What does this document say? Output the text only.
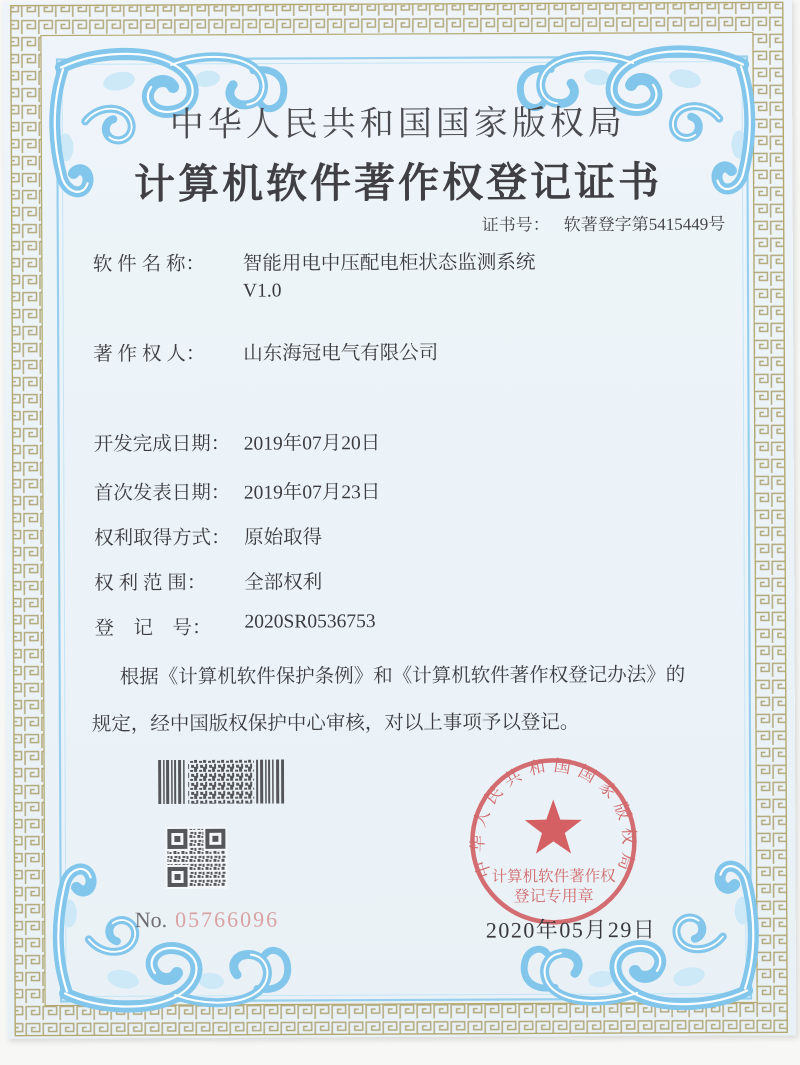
中华人民共和国国家版权局
计算机软件著作权登记证书
证书号： 软著登字第5415449号
软 件 名 称： 智能用电中压配电柜状态监测系统
V1.0
著 作 权 人： 山东海冠电气有限公司
开发完成日期： 2019年07月20日
首次发表日期： 2019年07月23日
权利取得方式： 原始取得
权 利 范 围： 全部权利
登　记　号： 2020SR0536753
根据《计算机软件保护条例》和《计算机软件著作权登记办法》的
规定，经中国版权保护中心审核，对以上事项予以登记。
No. 05766096
中华人民共和国国家版权局
计算机软件著作权
登记专用章
2020年05月29日
